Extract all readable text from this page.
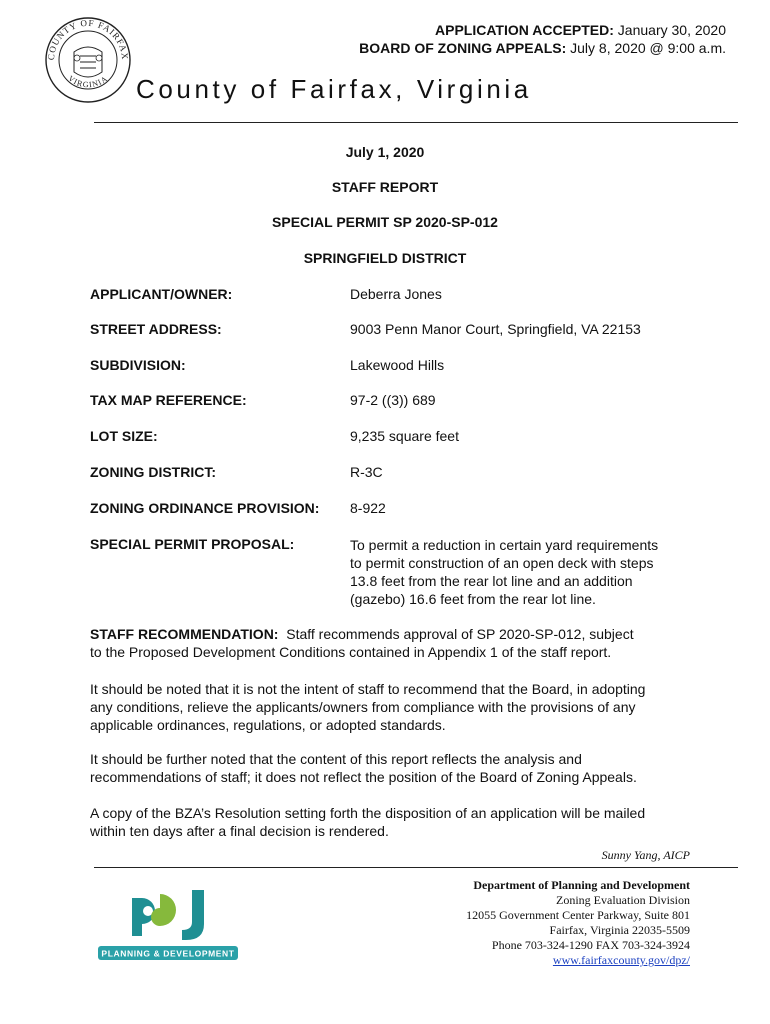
COUNTY OF FAIRFAX
VIRGINIA
APPLICATION ACCEPTED: January 30, 2020
BOARD OF ZONING APPEALS: July 8, 2020 @ 9:00 a.m.
County of Fairfax, Virginia
July 1, 2020
STAFF REPORT
SPECIAL PERMIT SP 2020-SP-012
SPRINGFIELD DISTRICT
APPLICANT/OWNER:	Deberra Jones
STREET ADDRESS:	9003 Penn Manor Court, Springfield, VA 22153
SUBDIVISION:	Lakewood Hills
TAX MAP REFERENCE:	97-2 ((3)) 689
LOT SIZE:	9,235 square feet
ZONING DISTRICT:	R-3C
ZONING ORDINANCE PROVISION: 8-922
SPECIAL PERMIT PROPOSAL:	To permit a reduction in certain yard requirements
to permit construction of an open deck with steps
13.8 feet from the rear lot line and an addition
(gazebo) 16.6 feet from the rear lot line.
STAFF RECOMMENDATION: Staff recommends approval of SP 2020-SP-012, subject
to the Proposed Development Conditions contained in Appendix 1 of the staff report.
It should be noted that it is not the intent of staff to recommend that the Board, in adopting
any conditions, relieve the applicants/owners from compliance with the provisions of any
applicable ordinances, regulations, or adopted standards.
It should be further noted that the content of this report reflects the analysis and
recommendations of staff; it does not reflect the position of the Board of Zoning Appeals.
A copy of the BZA’s Resolution setting forth the disposition of an application will be mailed
within ten days after a final decision is rendered.
Sunny Yang, AICP
PLANNING & DEVELOPMENT
Department of Planning and Development
Zoning Evaluation Division
12055 Government Center Parkway, Suite 801
Fairfax, Virginia 22035-5509
Phone 703-324-1290 FAX 703-324-3924
www.fairfaxcounty.gov/dpz/
